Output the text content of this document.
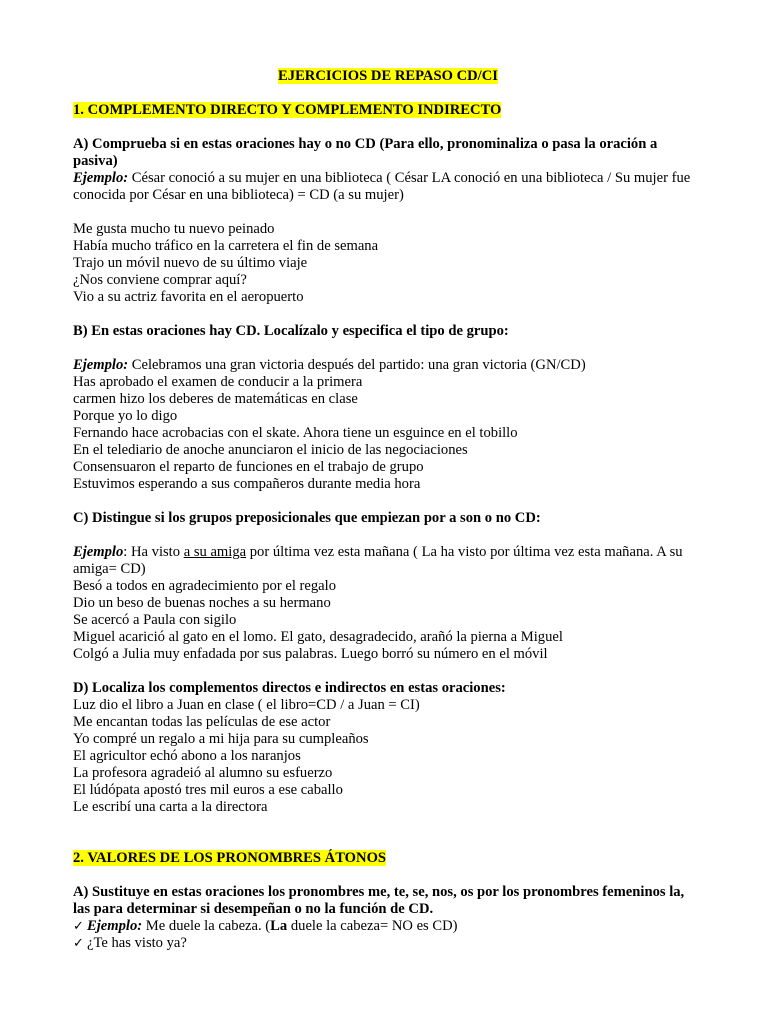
EJERCICIOS DE REPASO CD/CI
1. COMPLEMENTO DIRECTO Y COMPLEMENTO INDIRECTO
A) Comprueba si en estas oraciones hay o no CD (Para ello, pronominaliza o pasa la oración a pasiva)
Ejemplo: César conoció a su mujer en una biblioteca ( César LA conoció en una biblioteca / Su mujer fue conocida por César en una biblioteca) = CD (a su mujer)
Me gusta mucho tu nuevo peinado
Había mucho tráfico en la carretera el fin de semana
Trajo un móvil nuevo de su último viaje
¿Nos conviene comprar aquí?
Vio a su actriz favorita en el aeropuerto
B) En estas oraciones hay CD. Localízalo y especifica el tipo de grupo:
Ejemplo: Celebramos una gran victoria después del partido: una gran victoria (GN/CD)
Has aprobado el examen de conducir a la primera
carmen hizo los deberes de matemáticas en clase
Porque yo lo digo
Fernando hace acrobacias con el skate. Ahora tiene un esguince en el tobillo
En el telediario de anoche anunciaron el inicio de las negociaciones
Consensuaron el reparto de funciones en el trabajo de grupo
Estuvimos esperando a sus compañeros durante media hora
C) Distingue si los grupos preposicionales que empiezan por a son o no CD:
Ejemplo: Ha visto a su amiga por última vez esta mañana ( La ha visto por última vez esta mañana. A su amiga= CD)
Besó a todos en agradecimiento por el regalo
Dio un beso de buenas noches a su hermano
Se acercó a Paula con sigilo
Miguel acarició al gato en el lomo. El gato, desagradecido, arañó la pierna a Miguel
Colgó a Julia muy enfadada por sus palabras. Luego borró su número en el móvil
D) Localiza los complementos directos e indirectos en estas oraciones:
Luz dio el libro a Juan en clase ( el libro=CD / a Juan = CI)
Me encantan todas las películas de ese actor
Yo compré un regalo a mi hija para su cumpleaños
El agricultor echó abono a los naranjos
La profesora agradeió al alumno su esfuerzo
El lúdópata apostó tres mil euros a ese caballo
Le escribí una carta a la directora
2. VALORES DE LOS PRONOMBRES ÁTONOS
A) Sustituye en estas oraciones los pronombres me, te, se, nos, os por los pronombres femeninos la, las para determinar si desempeñan o no la función de CD.
✓ Ejemplo: Me duele la cabeza. (La duele la cabeza= NO es CD)
✓ ¿Te has visto ya?
